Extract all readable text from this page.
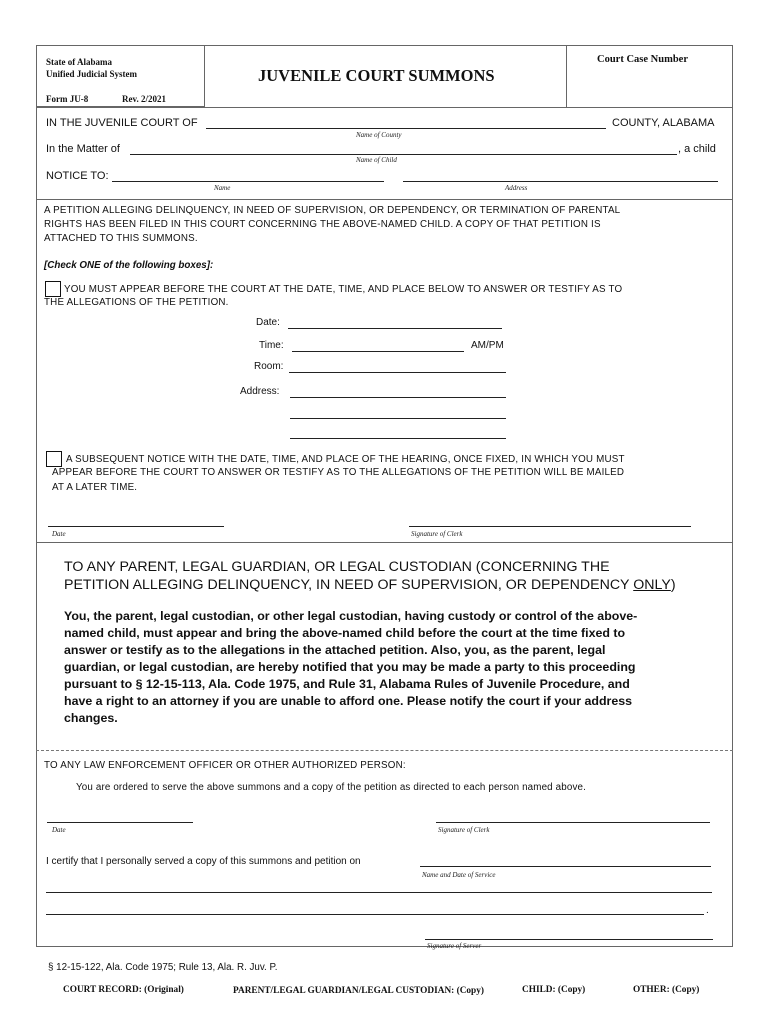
State of Alabama
Unified Judicial System
Form JU-8	Rev. 2/2021
JUVENILE COURT SUMMONS
Court Case Number
IN THE JUVENILE COURT OF	COUNTY, ALABAMA
Name of County
In the Matter of	, a child
Name of Child
NOTICE TO:
Name	Address
A PETITION ALLEGING DELINQUENCY, IN NEED OF SUPERVISION, OR DEPENDENCY, OR TERMINATION OF PARENTAL
RIGHTS HAS BEEN FILED IN THIS COURT CONCERNING THE ABOVE-NAMED CHILD. A COPY OF THAT PETITION IS
ATTACHED TO THIS SUMMONS.
[Check ONE of the following boxes]:
YOU MUST APPEAR BEFORE THE COURT AT THE DATE, TIME, AND PLACE BELOW TO ANSWER OR TESTIFY AS TO
THE ALLEGATIONS OF THE PETITION.
Date:
Time:	AM/PM
Room:
Address:
A SUBSEQUENT NOTICE WITH THE DATE, TIME, AND PLACE OF THE HEARING, ONCE FIXED, IN WHICH YOU MUST
APPEAR BEFORE THE COURT TO ANSWER OR TESTIFY AS TO THE ALLEGATIONS OF THE PETITION WILL BE MAILED
AT A LATER TIME.
Date	Signature of Clerk
TO ANY PARENT, LEGAL GUARDIAN, OR LEGAL CUSTODIAN (CONCERNING THE
PETITION ALLEGING DELINQUENCY, IN NEED OF SUPERVISION, OR DEPENDENCY ONLY)
You, the parent, legal custodian, or other legal custodian, having custody or control of the above-
named child, must appear and bring the above-named child before the court at the time fixed to
answer or testify as to the allegations in the attached petition. Also, you, as the parent, legal
guardian, or legal custodian, are hereby notified that you may be made a party to this proceeding
pursuant to § 12-15-113, Ala. Code 1975, and Rule 31, Alabama Rules of Juvenile Procedure, and
have a right to an attorney if you are unable to afford one. Please notify the court if your address
changes.
TO ANY LAW ENFORCEMENT OFFICER OR OTHER AUTHORIZED PERSON:
You are ordered to serve the above summons and a copy of the petition as directed to each person named above.
Date	Signature of Clerk
I certify that I personally served a copy of this summons and petition on
Name and Date of Service
.
Signature of Server
§ 12-15-122, Ala. Code 1975; Rule 13, Ala. R. Juv. P.
COURT RECORD: (Original)	PARENT/LEGAL GUARDIAN/LEGAL CUSTODIAN: (Copy)	CHILD: (Copy)	OTHER: (Copy)
